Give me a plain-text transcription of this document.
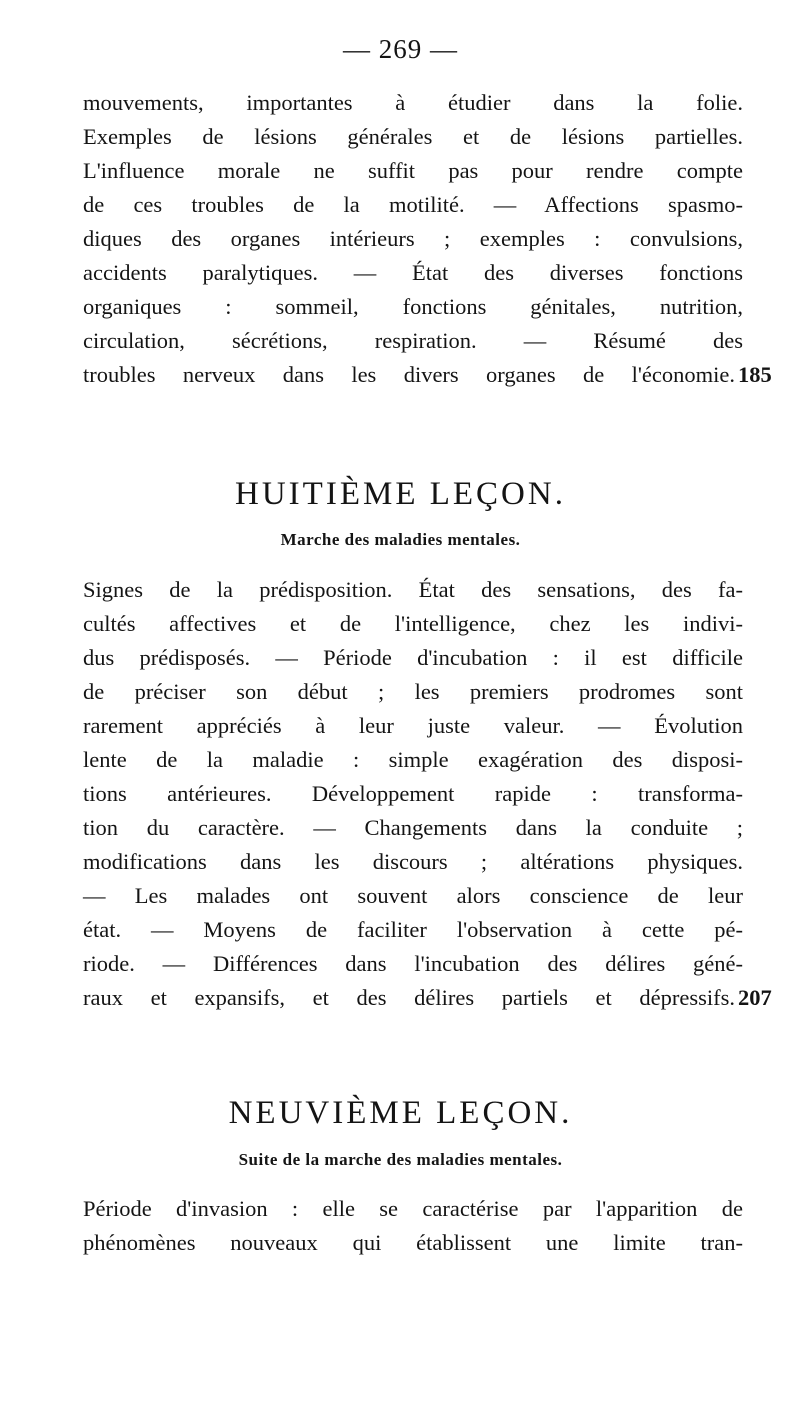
— 269 —
mouvements, importantes à étudier dans la folie.
Exemples de lésions générales et de lésions partielles.
L'influence morale ne suffit pas pour rendre compte
de ces troubles de la motilité. — Affections spasmo-
diques des organes intérieurs ; exemples : convulsions,
accidents paralytiques. — État des diverses fonctions
organiques : sommeil, fonctions génitales, nutrition,
circulation, sécrétions, respiration. — Résumé des
troubles nerveux dans les divers organes de l'économie. 185
HUITIÈME LEÇON.
Marche des maladies mentales.
Signes de la prédisposition. État des sensations, des fa-
cultés affectives et de l'intelligence, chez les indivi-
dus prédisposés. — Période d'incubation : il est difficile
de préciser son début ; les premiers prodromes sont
rarement appréciés à leur juste valeur. — Évolution
lente de la maladie : simple exagération des disposi-
tions antérieures. Développement rapide : transforma-
tion du caractère. — Changements dans la conduite ;
modifications dans les discours ; altérations physiques.
— Les malades ont souvent alors conscience de leur
état. — Moyens de faciliter l'observation à cette pé-
riode. — Différences dans l'incubation des délires géné-
raux et expansifs, et des délires partiels et dépressifs. 207
NEUVIÈME LEÇON.
Suite de la marche des maladies mentales.
Période d'invasion : elle se caractérise par l'apparition de
phénomènes nouveaux qui établissent une limite tran-
